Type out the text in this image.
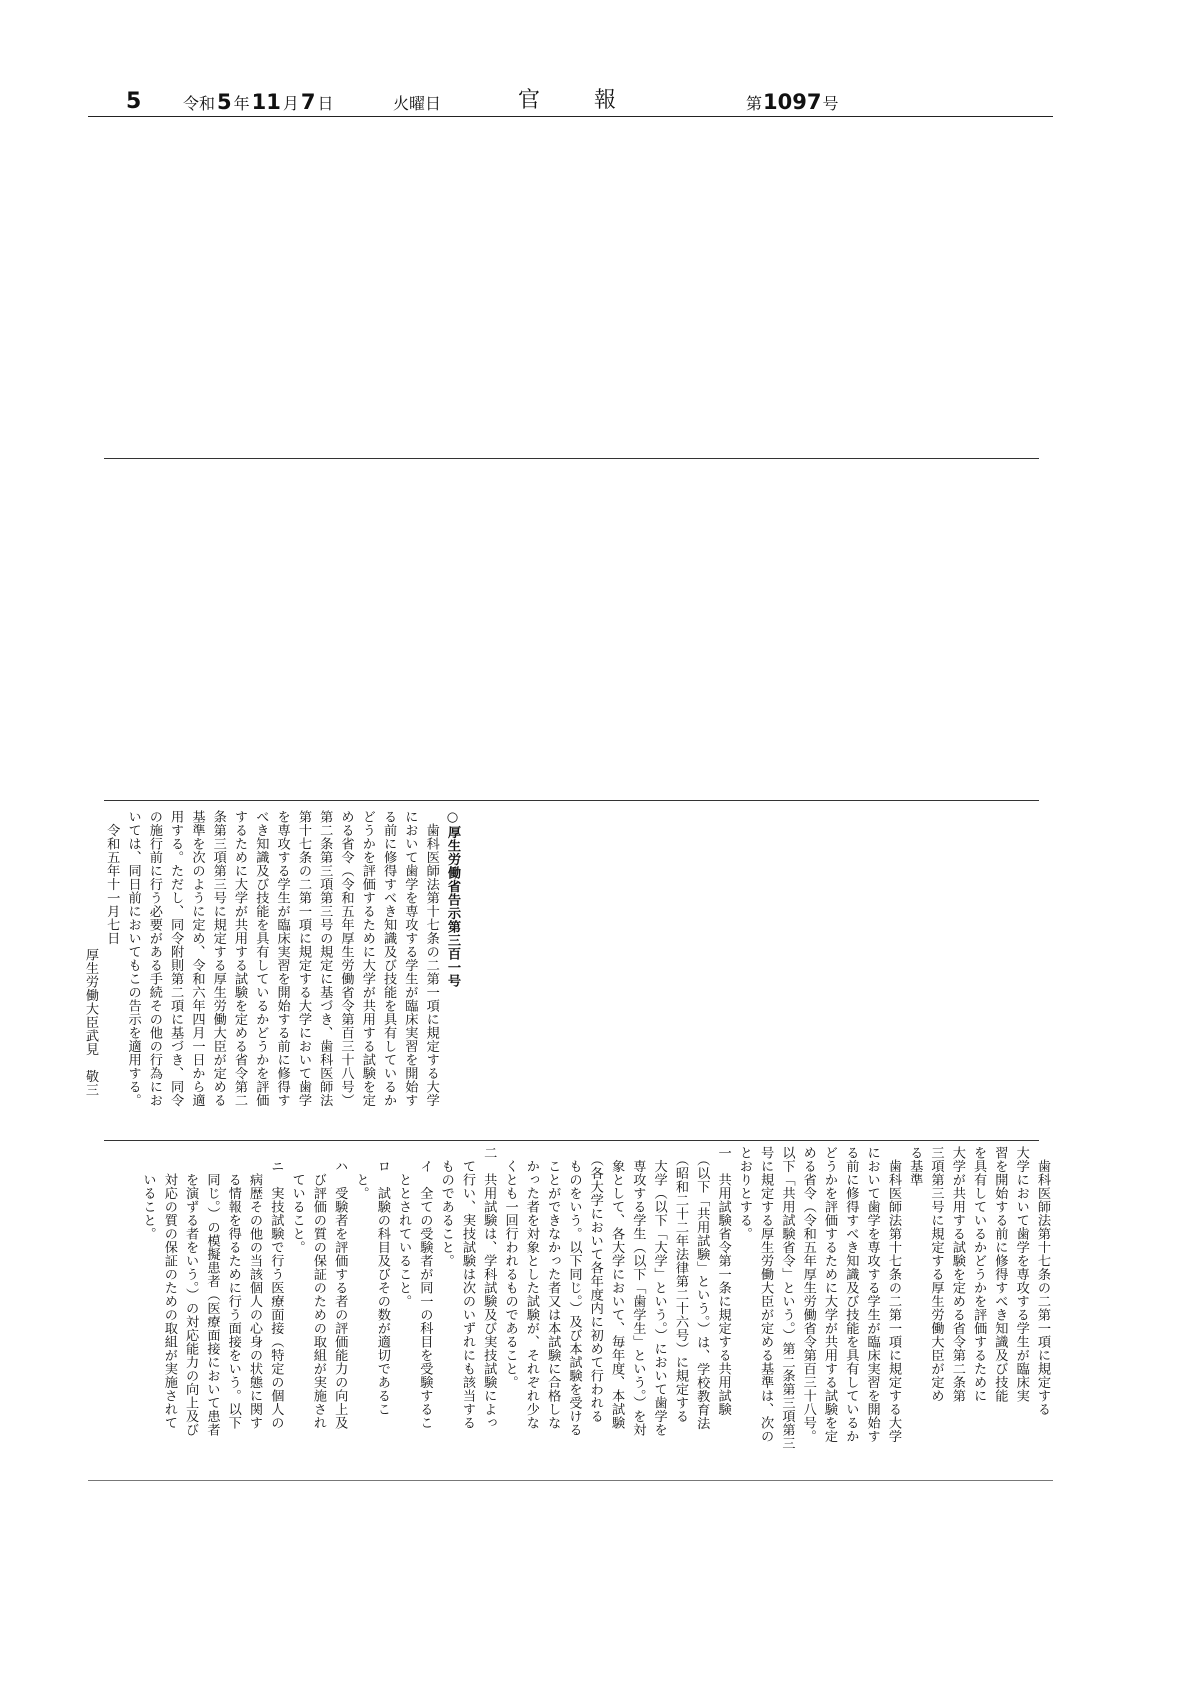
5	令和5 年11 月7 日	火曜日	官報	第1097号
○厚生労働省告示第三百一号
　歯科医師法第十七条の二第一項に規定する大学
において歯学を専攻する学生が臨床実習を開始す
る前に修得すべき知識及び技能を具有しているか
どうかを評価するために大学が共用する試験を定
める省令（令和五年厚生労働省令第百三十八号）
第二条第三項第三号の規定に基づき、歯科医師法
第十七条の二第一項に規定する大学において歯学
を専攻する学生が臨床実習を開始する前に修得す
べき知識及び技能を具有しているかどうかを評価
するために大学が共用する試験を定める省令第二
条第三項第三号に規定する厚生労働大臣が定める
基準を次のように定め、令和六年四月一日から適
用する。ただし、同令附則第二項に基づき、同令
の施行前に行う必要がある手続その他の行為にお
いては、同日前においてもこの告示を適用する。
　令和五年十一月七日
厚生労働大臣武見　敬三
　歯科医師法第十七条の二第一項に規定する
大学において歯学を専攻する学生が臨床実
習を開始する前に修得すべき知識及び技能
を具有しているかどうかを評価するために
大学が共用する試験を定める省令第二条第
三項第三号に規定する厚生労働大臣が定め
る基準
　歯科医師法第十七条の二第一項に規定する大学
において歯学を専攻する学生が臨床実習を開始す
る前に修得すべき知識及び技能を具有しているか
どうかを評価するために大学が共用する試験を定
める省令（令和五年厚生労働省令第百三十八号。
以下「共用試験省令」という。）第二条第三項第三
号に規定する厚生労働大臣が定める基準は、次の
とおりとする。
一　共用試験省令第一条に規定する共用試験
　（以下「共用試験」という。）は、学校教育法
　（昭和二十二年法律第二十六号）に規定する
　大学（以下「大学」という。）において歯学を
　専攻する学生（以下「歯学生」という。）を対
　象として、各大学において、毎年度、本試験
　（各大学において各年度内に初めて行われる
　ものをいう。以下同じ。）及び本試験を受ける
　ことができなかった者又は本試験に合格しな
　かった者を対象とした試験が、それぞれ少な
　くとも一回行われるものであること。
二　共用試験は、学科試験及び実技試験によっ
　て行い、実技試験は次のいずれにも該当する
　ものであること。
　イ　全ての受験者が同一の科目を受験するこ
　　ととされていること。
　ロ　試験の科目及びその数が適切であるこ
　　と。
　ハ　受験者を評価する者の評価能力の向上及
　　び評価の質の保証のための取組が実施され
　　ていること。
　ニ　実技試験で行う医療面接（特定の個人の
　　病歴その他の当該個人の心身の状態に関す
　　る情報を得るために行う面接をいう。以下
　　同じ。）の模擬患者（医療面接において患者
　　を演ずる者をいう。）の対応能力の向上及び
　　対応の質の保証のための取組が実施されて
　　いること。
